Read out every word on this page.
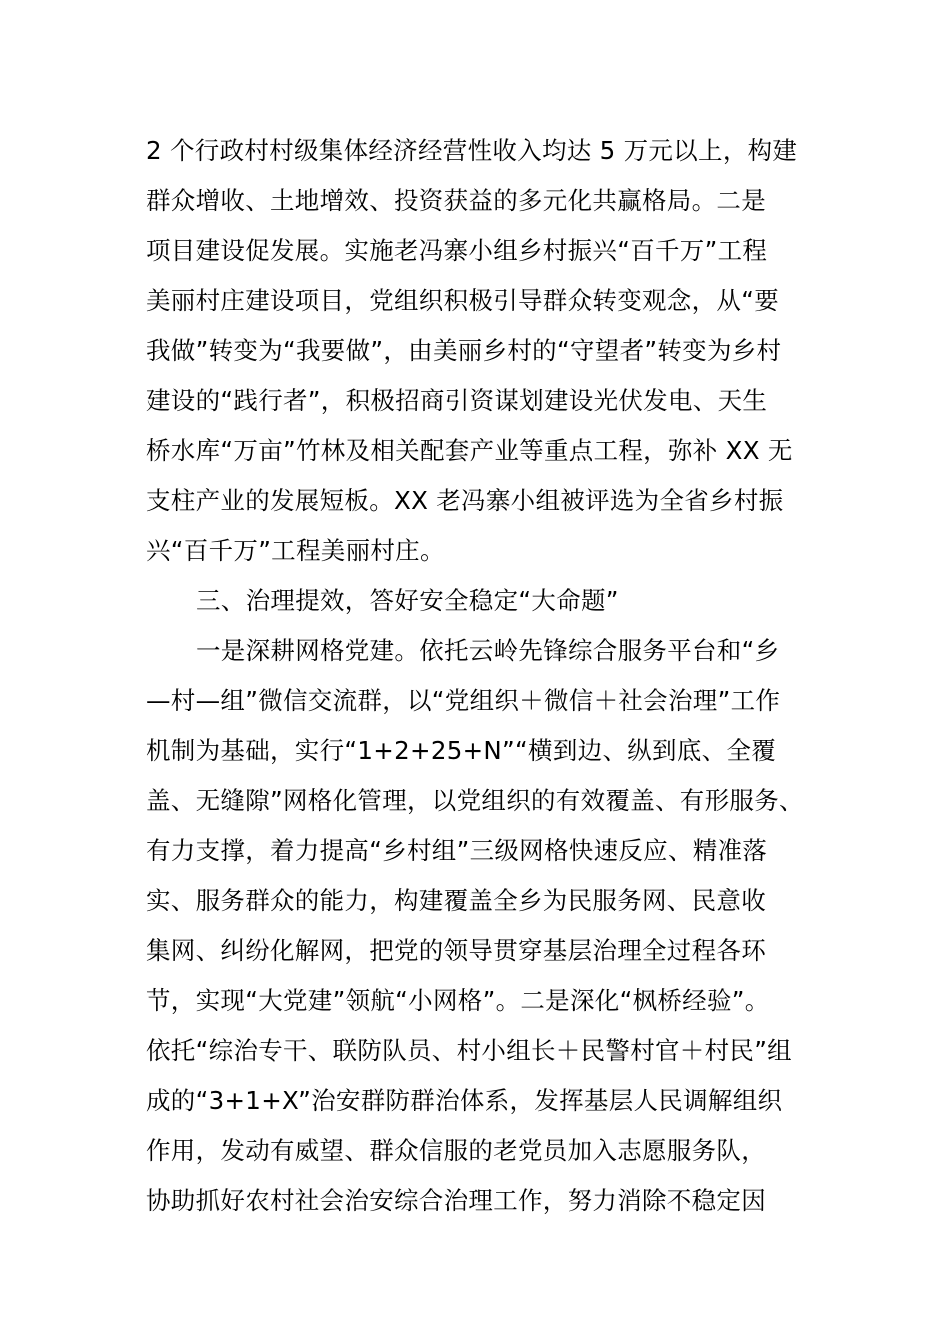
2 个行政村村级集体经济经营性收入均达 5 万元以上，构建
群众增收、土地增效、投资获益的多元化共赢格局。二是
项目建设促发展。实施老冯寨小组乡村振兴“百千万”工程
美丽村庄建设项目，党组织积极引导群众转变观念，从“要
我做”转变为“我要做”，由美丽乡村的“守望者”转变为乡村
建设的“践行者”，积极招商引资谋划建设光伏发电、天生
桥水库“万亩”竹林及相关配套产业等重点工程，弥补 XX 无
支柱产业的发展短板。XX 老冯寨小组被评选为全省乡村振
兴“百千万”工程美丽村庄。
三、治理提效，答好安全稳定“大命题”
一是深耕网格党建。依托云岭先锋综合服务平台和“乡
—村—组”微信交流群，以“党组织＋微信＋社会治理”工作
机制为基础，实行“1+2+25+N”“横到边、纵到底、全覆
盖、无缝隙”网格化管理，以党组织的有效覆盖、有形服务、
有力支撑，着力提高“乡村组”三级网格快速反应、精准落
实、服务群众的能力，构建覆盖全乡为民服务网、民意收
集网、纠纷化解网，把党的领导贯穿基层治理全过程各环
节，实现“大党建”领航“小网格”。二是深化“枫桥经验”。
依托“综治专干、联防队员、村小组长＋民警村官＋村民”组
成的“3+1+X”治安群防群治体系，发挥基层人民调解组织
作用，发动有威望、群众信服的老党员加入志愿服务队，
协助抓好农村社会治安综合治理工作，努力消除不稳定因
